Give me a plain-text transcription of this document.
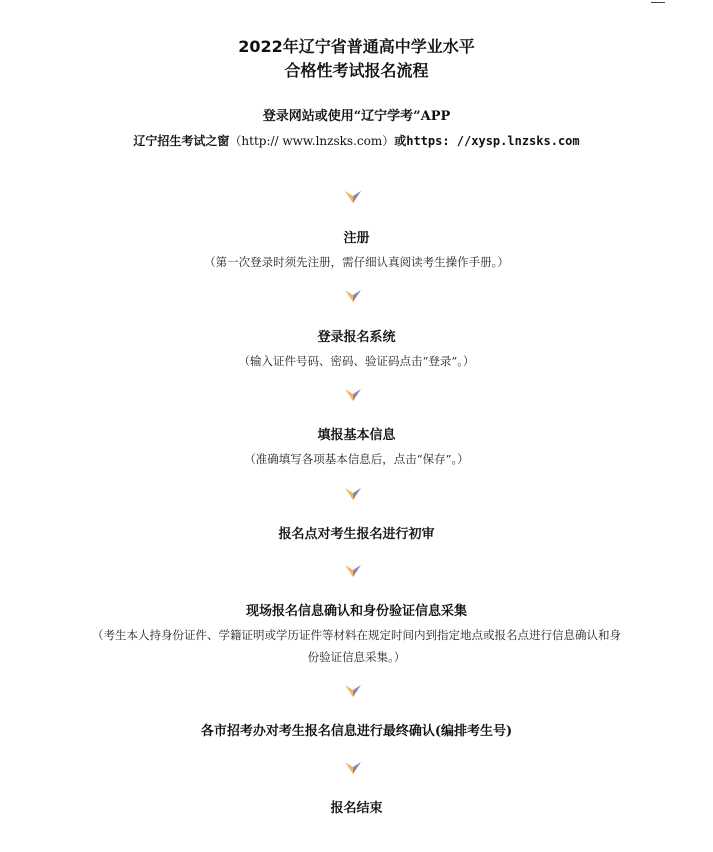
2022年辽宁省普通高中学业水平
合格性考试报名流程
登录网站或使用“辽宁学考”APP
辽宁招生考试之窗（http:// www.lnzsks.com）或https: //xysp.lnzsks.com
注册
（第一次登录时须先注册，需仔细认真阅读考生操作手册。）
登录报名系统
（输入证件号码、密码、验证码点击“登录”。）
填报基本信息
（准确填写各项基本信息后，点击“保存”。）
报名点对考生报名进行初审
现场报名信息确认和身份验证信息采集
（考生本人持身份证件、学籍证明或学历证件等材料在规定时间内到指定地点或报名点进行信息确认和身
份验证信息采集。）
各市招考办对考生报名信息进行最终确认(编排考生号)
报名结束
